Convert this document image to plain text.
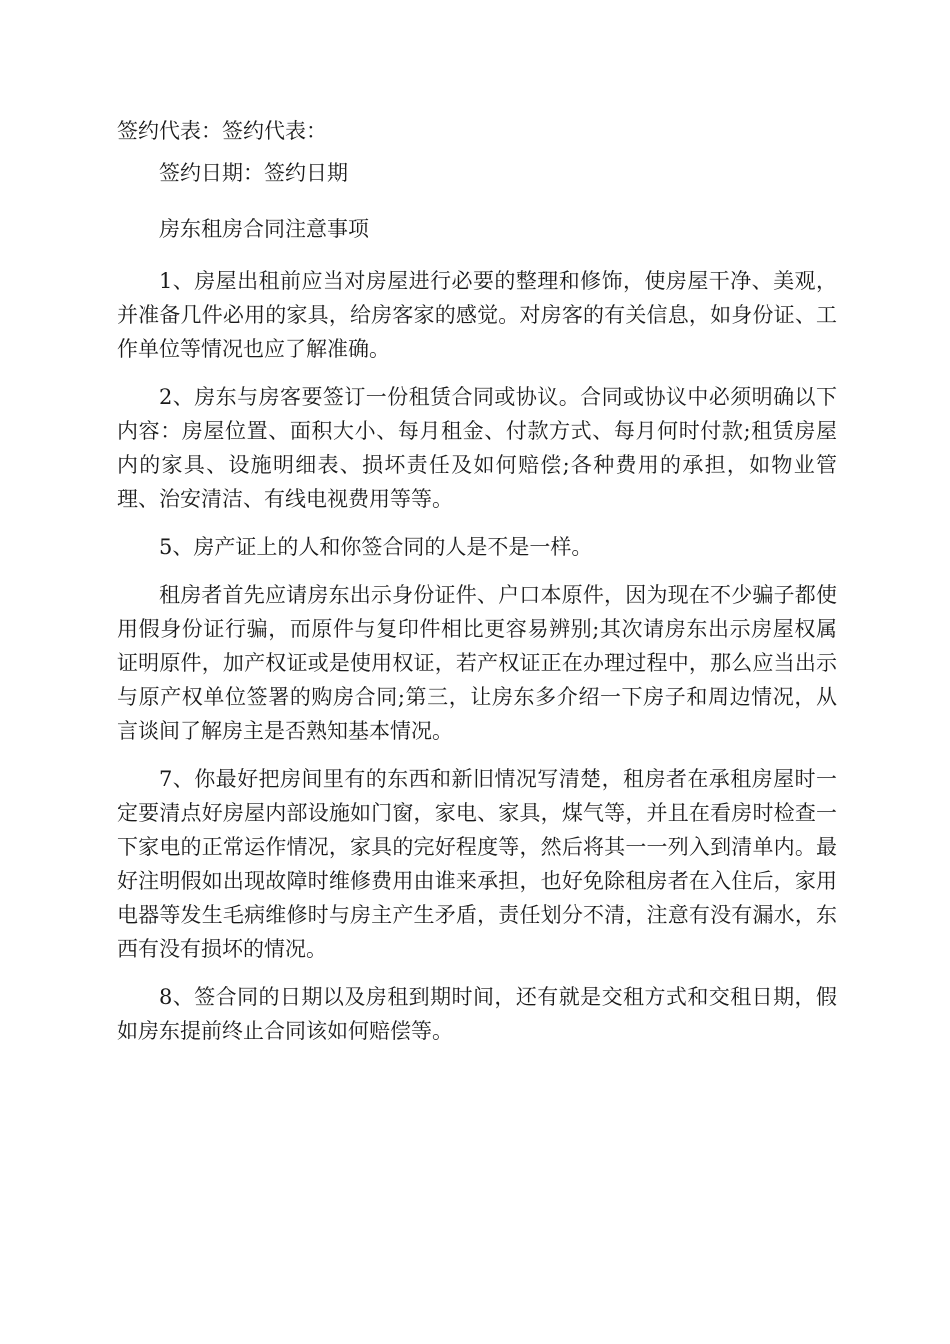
签约代表：签约代表：

签约日期：签约日期

房东租房合同注意事项

1、房屋出租前应当对房屋进行必要的整理和修饰，使房屋干净、美观，并准备几件必用的家具，给房客家的感觉。对房客的有关信息，如身份证、工作单位等情况也应了解准确。

2、房东与房客要签订一份租赁合同或协议。合同或协议中必须明确以下内容：房屋位置、面积大小、每月租金、付款方式、每月何时付款;租赁房屋内的家具、设施明细表、损坏责任及如何赔偿;各种费用的承担，如物业管理、治安清洁、有线电视费用等等。

5、房产证上的人和你签合同的人是不是一样。

租房者首先应请房东出示身份证件、户口本原件，因为现在不少骗子都使用假身份证行骗，而原件与复印件相比更容易辨别;其次请房东出示房屋权属证明原件，加产权证或是使用权证，若产权证正在办理过程中，那么应当出示与原产权单位签署的购房合同;第三，让房东多介绍一下房子和周边情况，从言谈间了解房主是否熟知基本情况。

7、你最好把房间里有的东西和新旧情况写清楚，租房者在承租房屋时一定要清点好房屋内部设施如门窗，家电、家具，煤气等，并且在看房时检查一下家电的正常运作情况，家具的完好程度等，然后将其一一列入到清单内。最好注明假如出现故障时维修费用由谁来承担，也好免除租房者在入住后，家用电器等发生毛病维修时与房主产生矛盾，责任划分不清，注意有没有漏水，东西有没有损坏的情况。

8、签合同的日期以及房租到期时间，还有就是交租方式和交租日期，假如房东提前终止合同该如何赔偿等。
